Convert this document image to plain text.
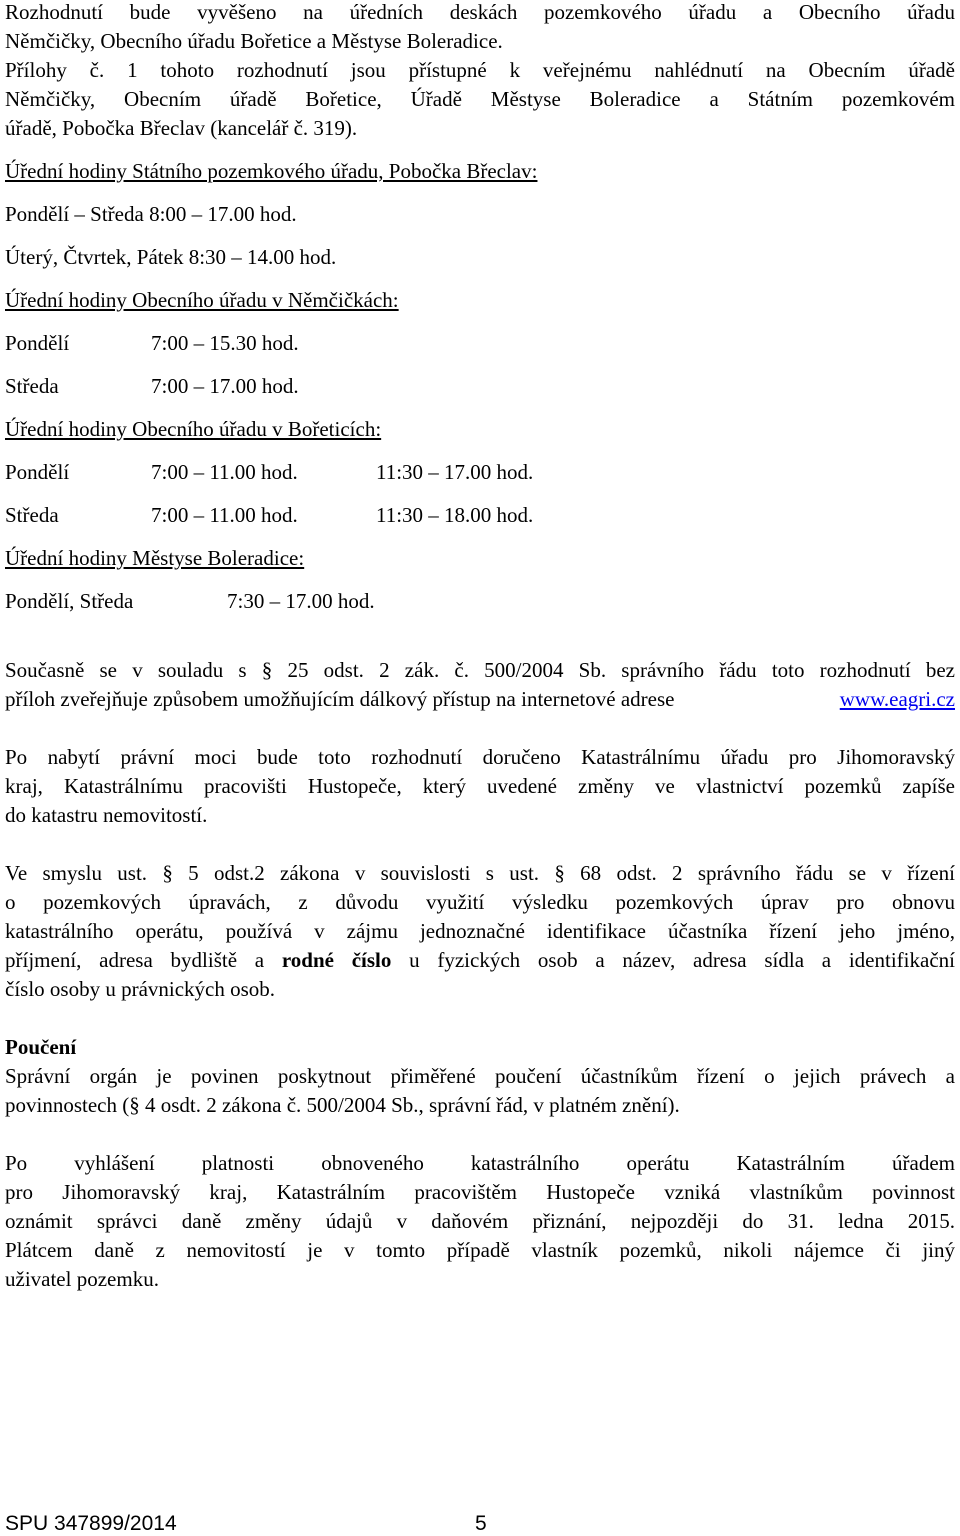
Rozhodnutí bude vyvěšeno na úředních deskách pozemkového úřadu a Obecního úřadu
Němčičky, Obecního úřadu Bořetice a Městyse Boleradice.
Přílohy č. 1 tohoto rozhodnutí jsou přístupné k veřejnému nahlédnutí na Obecním úřadě
Němčičky, Obecním úřadě Bořetice, Úřadě Městyse Boleradice a Státním pozemkovém
úřadě, Pobočka Břeclav (kancelář č. 319).
Úřední hodiny Státního pozemkového úřadu, Pobočka Břeclav:
Pondělí – Středa 8:00 – 17.00 hod.
Úterý, Čtvrtek, Pátek 8:30 – 14.00 hod.
Úřední hodiny Obecního úřadu v Němčičkách:
Pondělí	7:00 – 15.30 hod.
Středa	7:00 – 17.00 hod.
Úřední hodiny Obecního úřadu v Bořeticích:
Pondělí	7:00 – 11.00 hod.	11:30 – 17.00 hod.
Středa	7:00 – 11.00 hod.	11:30 – 18.00 hod.
Úřední hodiny Městyse Boleradice:
Pondělí, Středa	7:30 – 17.00 hod.
Současně se v souladu s § 25 odst. 2 zák. č. 500/2004 Sb. správního řádu toto rozhodnutí bez
příloh zveřejňuje způsobem umožňujícím dálkový přístup na internetové adrese	www.eagri.cz
Po nabytí právní moci bude toto rozhodnutí doručeno Katastrálnímu úřadu pro Jihomoravský
kraj, Katastrálnímu pracovišti Hustopeče, který uvedené změny ve vlastnictví pozemků zapíše
do katastru nemovitostí.
Ve smyslu ust. § 5 odst.2 zákona v souvislosti s ust. § 68 odst. 2 správního řádu se v řízení
o pozemkových úpravách, z důvodu využití výsledku pozemkových úprav pro obnovu
katastrálního operátu, používá v zájmu jednoznačné identifikace účastníka řízení jeho jméno,
příjmení, adresa bydliště a rodné číslo u fyzických osob a název, adresa sídla a identifikační
číslo osoby u právnických osob.
Poučení
Správní orgán je povinen poskytnout přiměřené poučení účastníkům řízení o jejich právech a
povinnostech (§ 4 osdt. 2 zákona č. 500/2004 Sb., správní řád, v platném znění).
Po vyhlášení platnosti obnoveného katastrálního operátu Katastrálním úřadem
pro Jihomoravský kraj, Katastrálním pracovištěm Hustopeče vzniká vlastníkům povinnost
oznámit správci daně změny údajů v daňovém přiznání, nejpozději do 31. ledna 2015.
Plátcem daně z nemovitostí je v tomto případě vlastník pozemků, nikoli nájemce či jiný
uživatel pozemku.
SPU 347899/2014	5
